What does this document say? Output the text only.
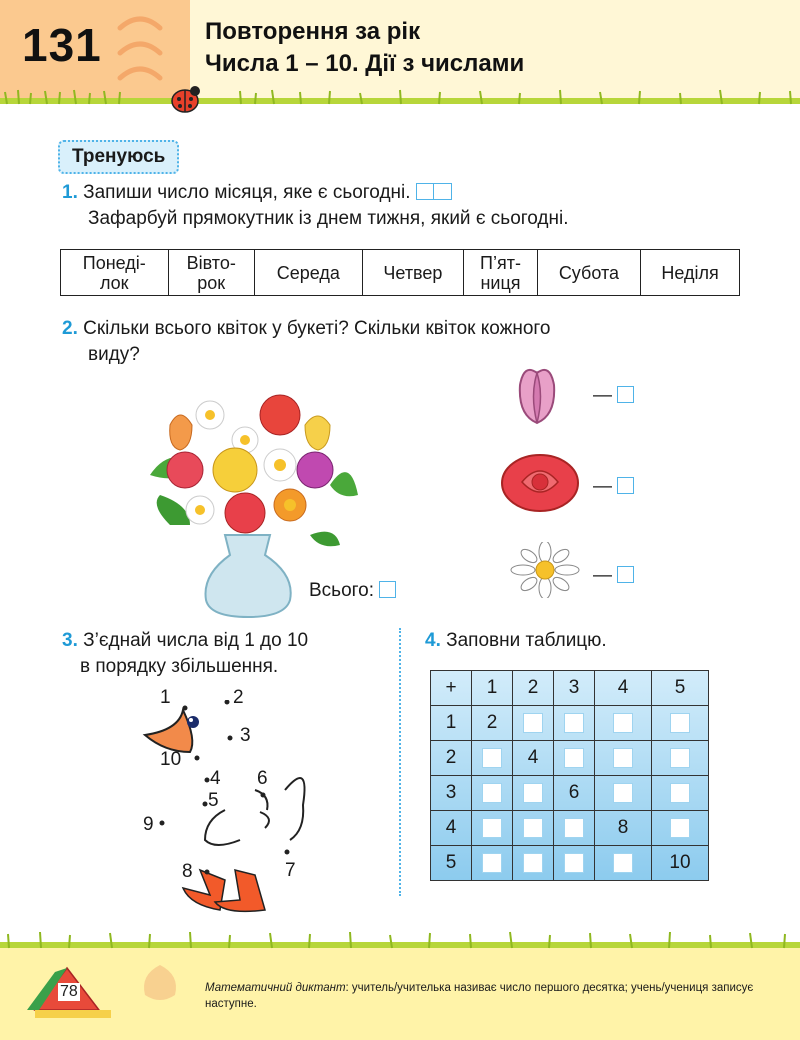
131	Повторення за рік
Числа 1 – 10. Дії з числами
Тренуюсь
1. Запиши число місяця, яке є сьогодні.
Зафарбуй прямокутник із днем тижня, який є сьогодні.
Понеді-
лок	Вівто-
рок	Середа	Четвер	П’ят-
ниця	Субота	Неділя
2. Скільки всього квіток у букеті? Скільки квіток кожного
виду?
Всього:
—
—
—
3. З’єднай числа від 1 до 10
в порядку збільшення.
1	2
3
4
5
6
7
8
9
10
4. Заповни таблицю.
+	1	2	3	4	5
1	2				
2		4			
3			6		
4				8	
5					10
78	Математичний диктант: учитель/учителька називає число першого десятка; учень/учениця записує наступне.
